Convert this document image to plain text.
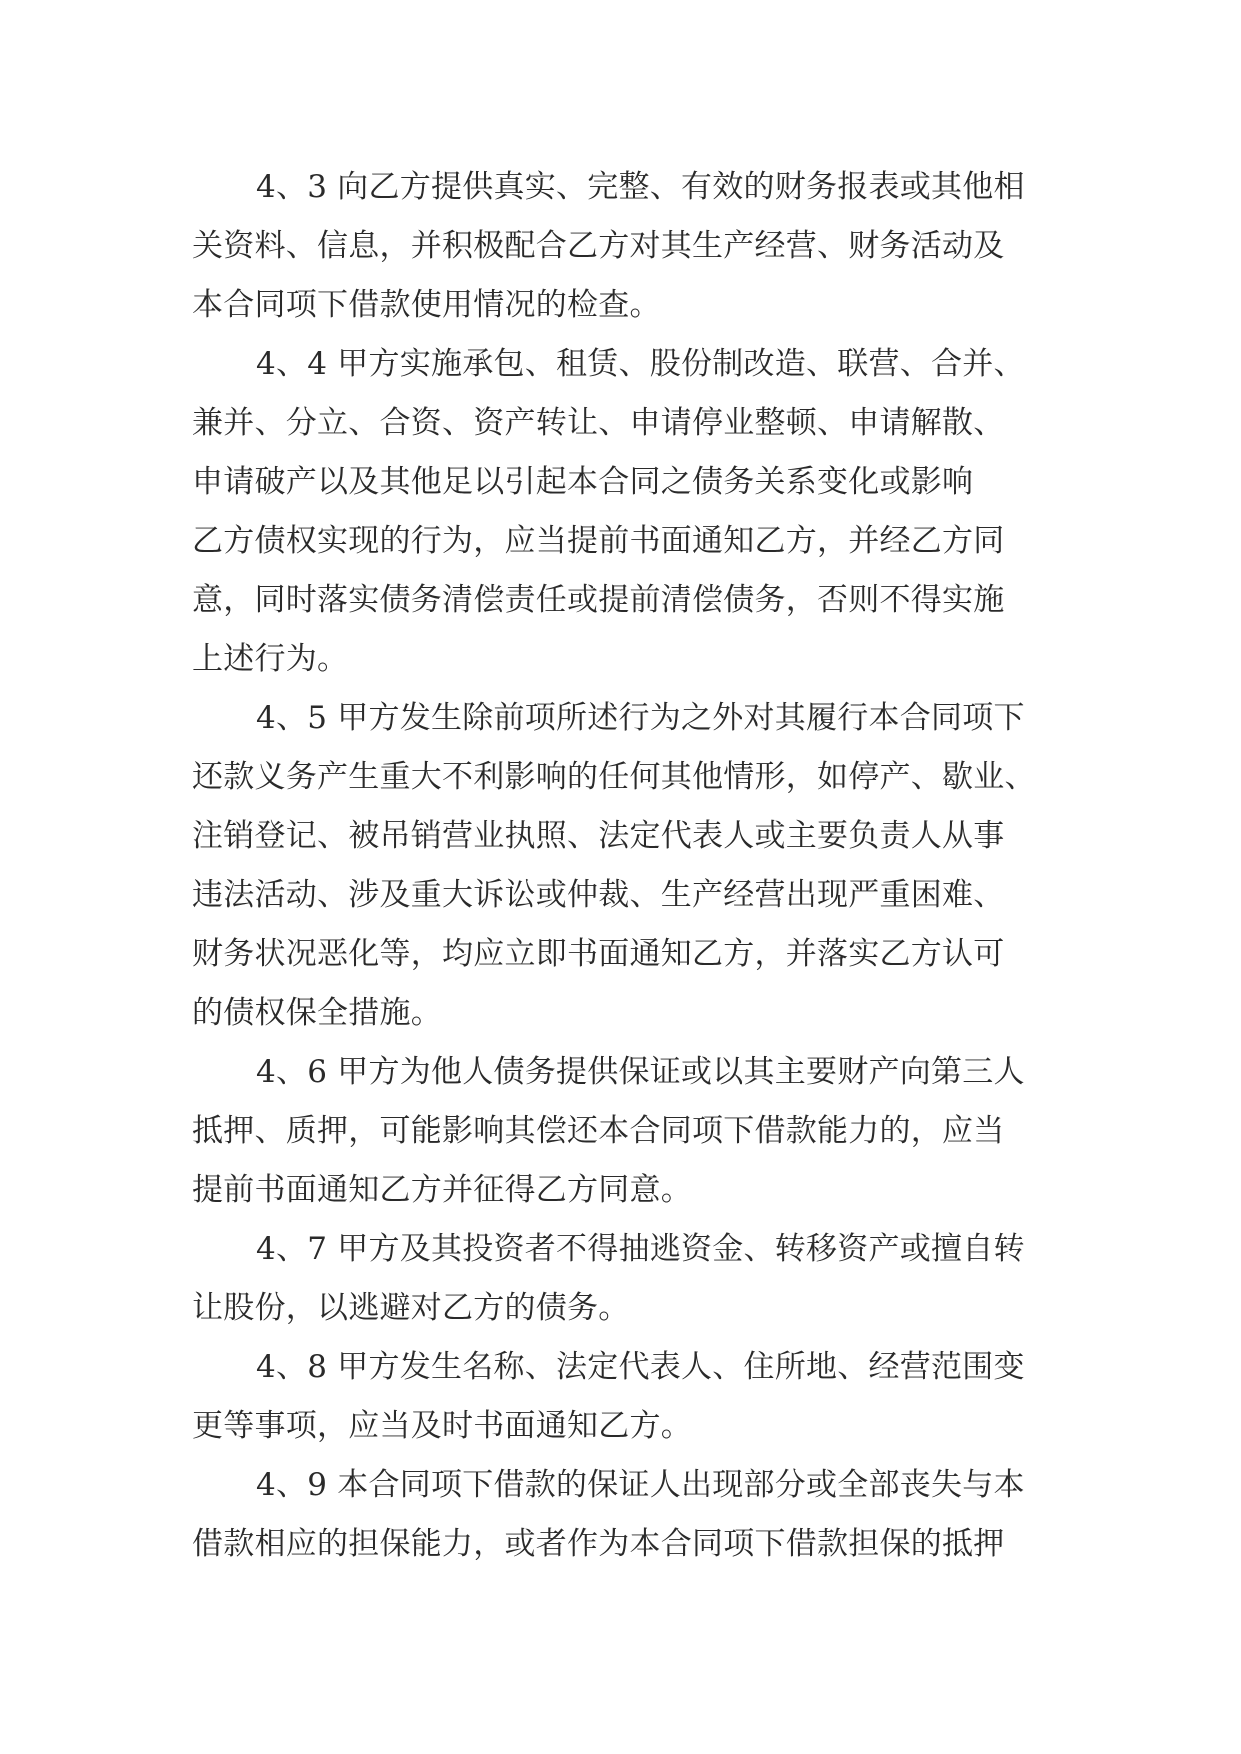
4、3 向乙方提供真实、完整、有效的财务报表或其他相
关资料、信息，并积极配合乙方对其生产经营、财务活动及
本合同项下借款使用情况的检查。
4、4 甲方实施承包、租赁、股份制改造、联营、合并、
兼并、分立、合资、资产转让、申请停业整顿、申请解散、
申请破产以及其他足以引起本合同之债务关系变化或影响
乙方债权实现的行为，应当提前书面通知乙方，并经乙方同
意，同时落实债务清偿责任或提前清偿债务，否则不得实施
上述行为。
4、5 甲方发生除前项所述行为之外对其履行本合同项下
还款义务产生重大不利影响的任何其他情形，如停产、歇业、
注销登记、被吊销营业执照、法定代表人或主要负责人从事
违法活动、涉及重大诉讼或仲裁、生产经营出现严重困难、
财务状况恶化等，均应立即书面通知乙方，并落实乙方认可
的债权保全措施。
4、6 甲方为他人债务提供保证或以其主要财产向第三人
抵押、质押，可能影响其偿还本合同项下借款能力的，应当
提前书面通知乙方并征得乙方同意。
4、7 甲方及其投资者不得抽逃资金、转移资产或擅自转
让股份，以逃避对乙方的债务。
4、8 甲方发生名称、法定代表人、住所地、经营范围变
更等事项，应当及时书面通知乙方。
4、9 本合同项下借款的保证人出现部分或全部丧失与本
借款相应的担保能力，或者作为本合同项下借款担保的抵押
